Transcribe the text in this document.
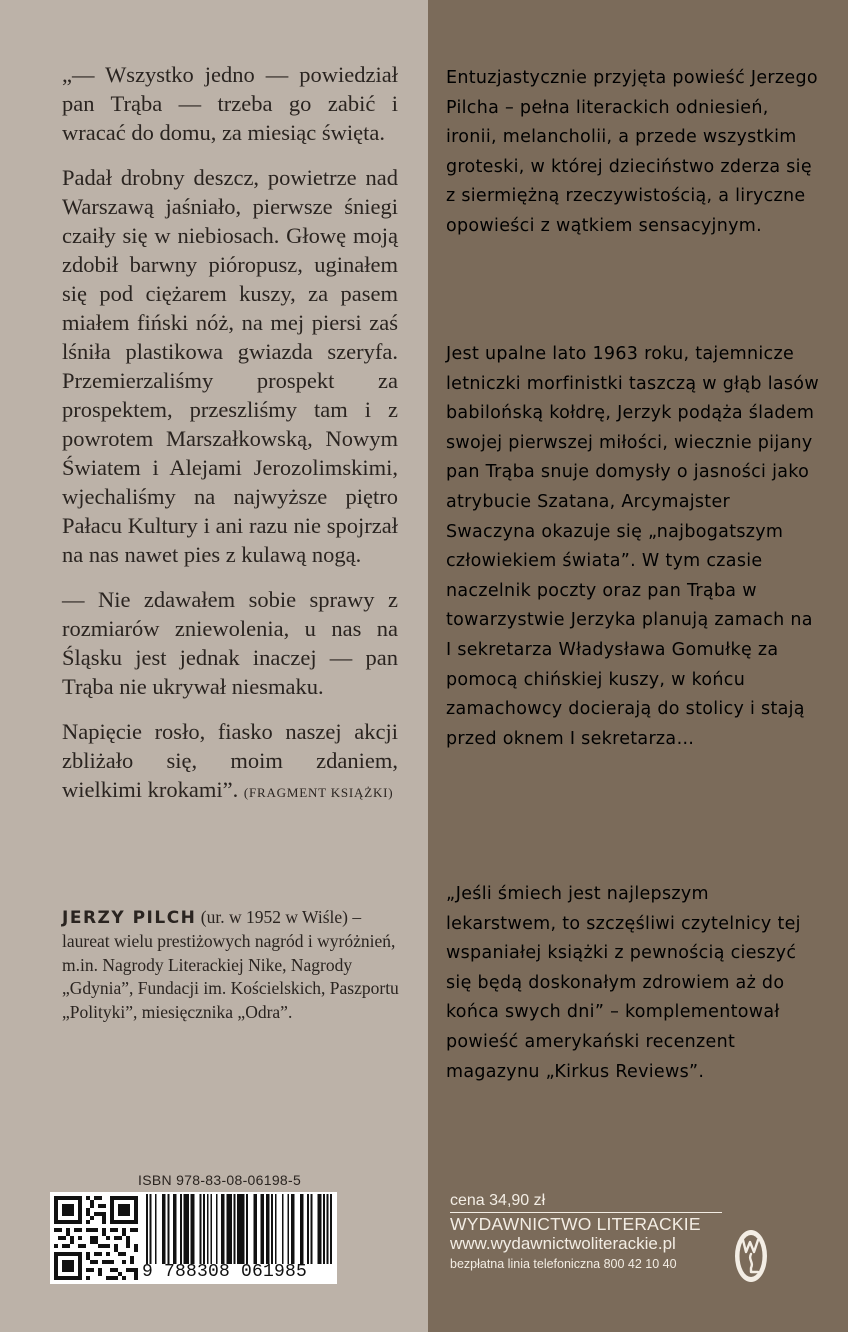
„— Wszystko jedno — powiedział pan Trąba — trzeba go zabić i wracać do domu, za miesiąc święta.

Padał drobny deszcz, powietrze nad Warszawą jaśniało, pierwsze śniegi czaiły się w niebiosach. Głowę moją zdobił barwny pióropusz, uginałem się pod ciężarem kuszy, za pasem miałem fiński nóż, na mej piersi zaś lśniła plastikowa gwiazda szeryfa. Przemierzaliśmy prospekt za prospektem, przeszliśmy tam i z powrotem Marszałkowską, Nowym Światem i Alejami Jerozolimskimi, wjechaliśmy na najwyższe piętro Pałacu Kultury i ani razu nie spojrzał na nas nawet pies z kulawą nogą.

— Nie zdawałem sobie sprawy z rozmiarów zniewolenia, u nas na Śląsku jest jednak inaczej — pan Trąba nie ukrywał niesmaku.

Napięcie rosło, fiasko naszej akcji zbliżało się, moim zdaniem, wielkimi krokami”. (FRAGMENT KSIĄŻKI)

JERZY PILCH (ur. w 1952 w Wiśle) – laureat wielu prestiżowych nagród i wyróżnień, m.in. Nagrody Literackiej Nike, Nagrody „Gdynia”, Fundacji im. Kościelskich, Paszportu „Polityki”, miesięcznika „Odra”.
ISBN 978-83-08-06198-5
9 788308 061985

Entuzjastycznie przyjęta powieść Jerzego Pilcha – pełna literackich odniesień, ironii, melancholii, a przede wszystkim groteski, w której dzieciństwo zderza się z siermiężną rzeczywistością, a liryczne opowieści z wątkiem sensacyjnym.

Jest upalne lato 1963 roku, tajemnicze letniczki morfinistki taszczą w głąb lasów babilońską kołdrę, Jerzyk podąża śladem swojej pierwszej miłości, wiecznie pijany pan Trąba snuje domysły o jasności jako atrybucie Szatana, Arcymajster Swaczyna okazuje się „najbogatszym człowiekiem świata”. W tym czasie naczelnik poczty oraz pan Trąba w towarzystwie Jerzyka planują zamach na I sekretarza Władysława Gomułkę za pomocą chińskiej kuszy, w końcu zamachowcy docierają do stolicy i stają przed oknem I sekretarza…

„Jeśli śmiech jest najlepszym lekarstwem, to szczęśliwi czytelnicy tej wspaniałej książki z pewnością cieszyć się będą doskonałym zdrowiem aż do końca swych dni” – komplementował powieść amerykański recenzent magazynu „Kirkus Reviews”.

cena 34,90 zł
WYDAWNICTWO LITERACKIE
www.wydawnictwoliterackie.pl
bezpłatna linia telefoniczna 800 42 10 40
